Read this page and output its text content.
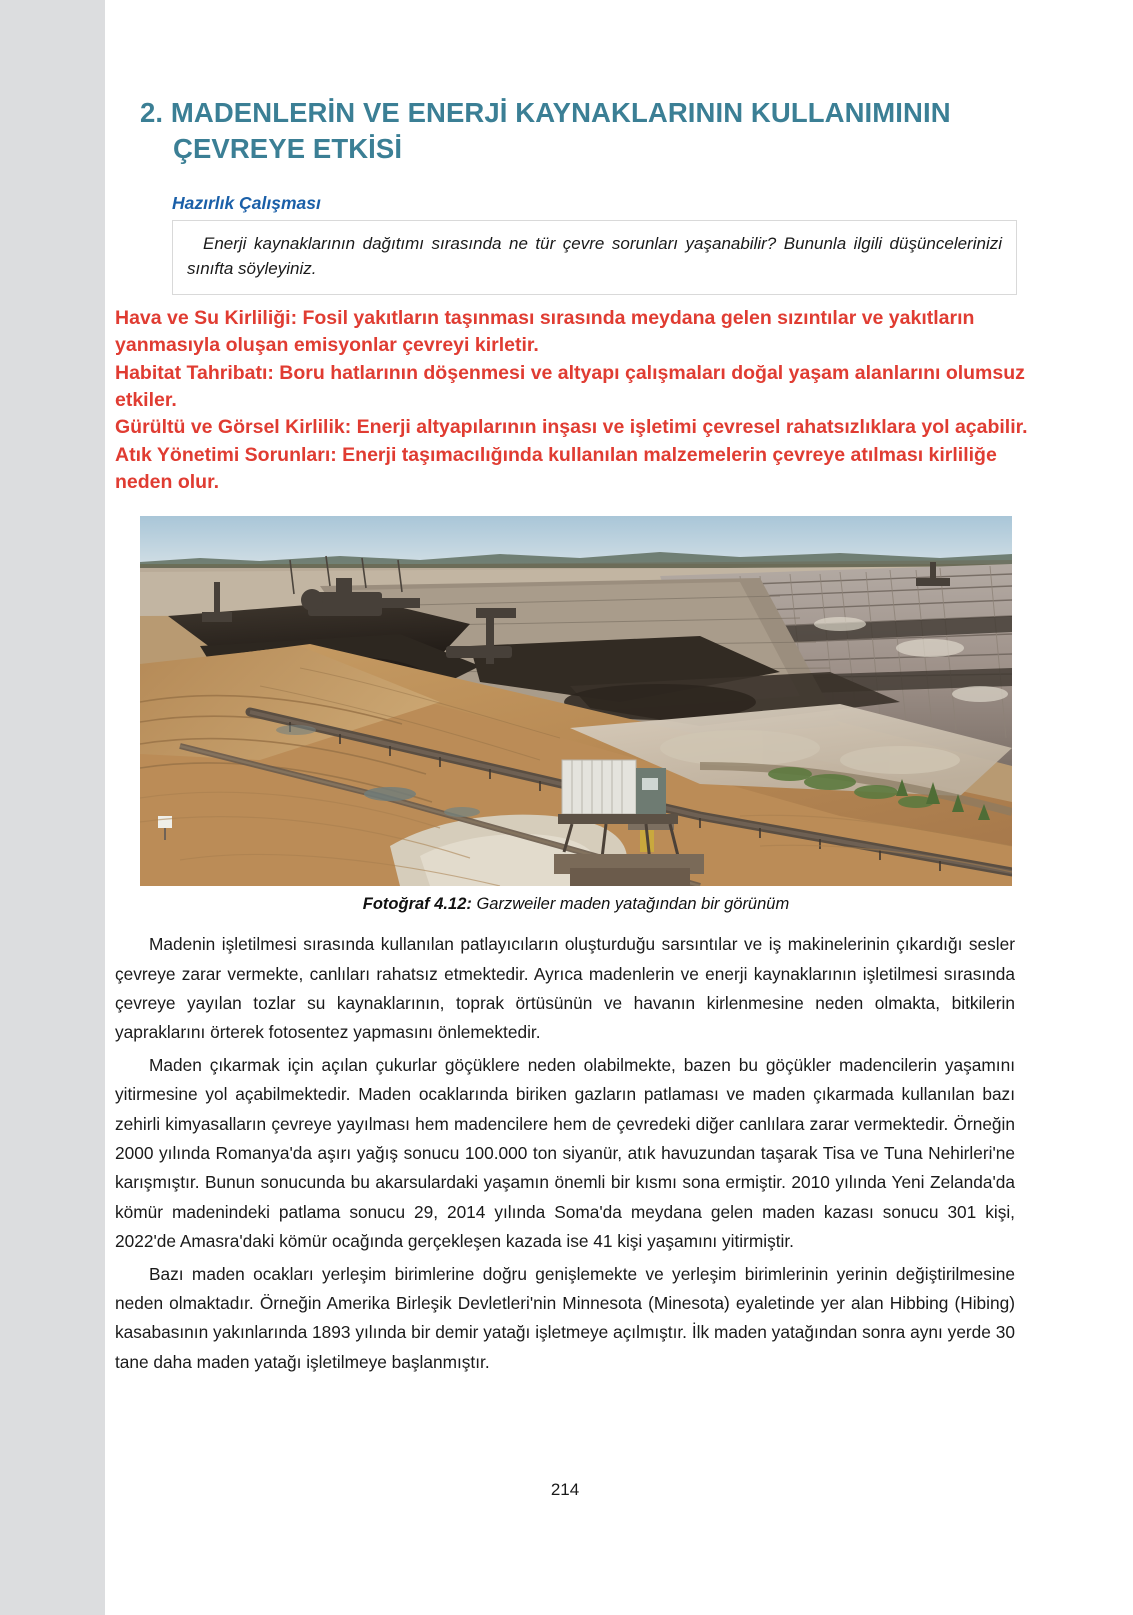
2. MADENLERİN VE ENERJİ KAYNAKLARININ KULLANIMININ
ÇEVREYE ETKİSİ
Hazırlık Çalışması

Enerji kaynaklarının dağıtımı sırasında ne tür çevre sorunları yaşanabilir? Bununla ilgili düşüncelerinizi sınıfta söyleyiniz.

Hava ve Su Kirliliği: Fosil yakıtların taşınması sırasında meydana gelen sızıntılar ve yakıtların yanmasıyla oluşan emisyonlar çevreyi kirletir.

Habitat Tahribatı: Boru hatlarının döşenmesi ve altyapı çalışmaları doğal yaşam alanlarını olumsuz etkiler.

Gürültü ve Görsel Kirlilik: Enerji altyapılarının inşası ve işletimi çevresel rahatsızlıklara yol açabilir.

Atık Yönetimi Sorunları: Enerji taşımacılığında kullanılan malzemelerin çevreye atılması kirliliğe neden olur.

Fotoğraf 4.12: Garzweiler maden yatağından bir görünüm

Madenin işletilmesi sırasında kullanılan patlayıcıların oluşturduğu sarsıntılar ve iş makinelerinin çıkardığı sesler çevreye zarar vermekte, canlıları rahatsız etmektedir. Ayrıca madenlerin ve enerji kaynaklarının işletilmesi sırasında çevreye yayılan tozlar su kaynaklarının, toprak örtüsünün ve havanın kirlenmesine neden olmakta, bitkilerin yapraklarını örterek fotosentez yapmasını önlemektedir.

Maden çıkarmak için açılan çukurlar göçüklere neden olabilmekte, bazen bu göçükler madencilerin yaşamını yitirmesine yol açabilmektedir. Maden ocaklarında biriken gazların patlaması ve maden çıkarmada kullanılan bazı zehirli kimyasalların çevreye yayılması hem madencilere hem de çevredeki diğer canlılara zarar vermektedir. Örneğin 2000 yılında Romanya'da aşırı yağış sonucu 100.000 ton siyanür, atık havuzundan taşarak Tisa ve Tuna Nehirleri'ne karışmıştır. Bunun sonucunda bu akarsulardaki yaşamın önemli bir kısmı sona ermiştir. 2010 yılında Yeni Zelanda'da kömür madenindeki patlama sonucu 29, 2014 yılında Soma'da meydana gelen maden kazası sonucu 301 kişi, 2022'de Amasra'daki kömür ocağında gerçekleşen kazada ise 41 kişi yaşamını yitirmiştir.

Bazı maden ocakları yerleşim birimlerine doğru genişlemekte ve yerleşim birimlerinin yerinin değiştirilmesine neden olmaktadır. Örneğin Amerika Birleşik Devletleri'nin Minnesota (Minesota) eyaletinde yer alan Hibbing (Hibing) kasabasının yakınlarında 1893 yılında bir demir yatağı işletmeye açılmıştır. İlk maden yatağından sonra aynı yerde 30 tane daha maden yatağı işletilmeye başlanmıştır.

214
